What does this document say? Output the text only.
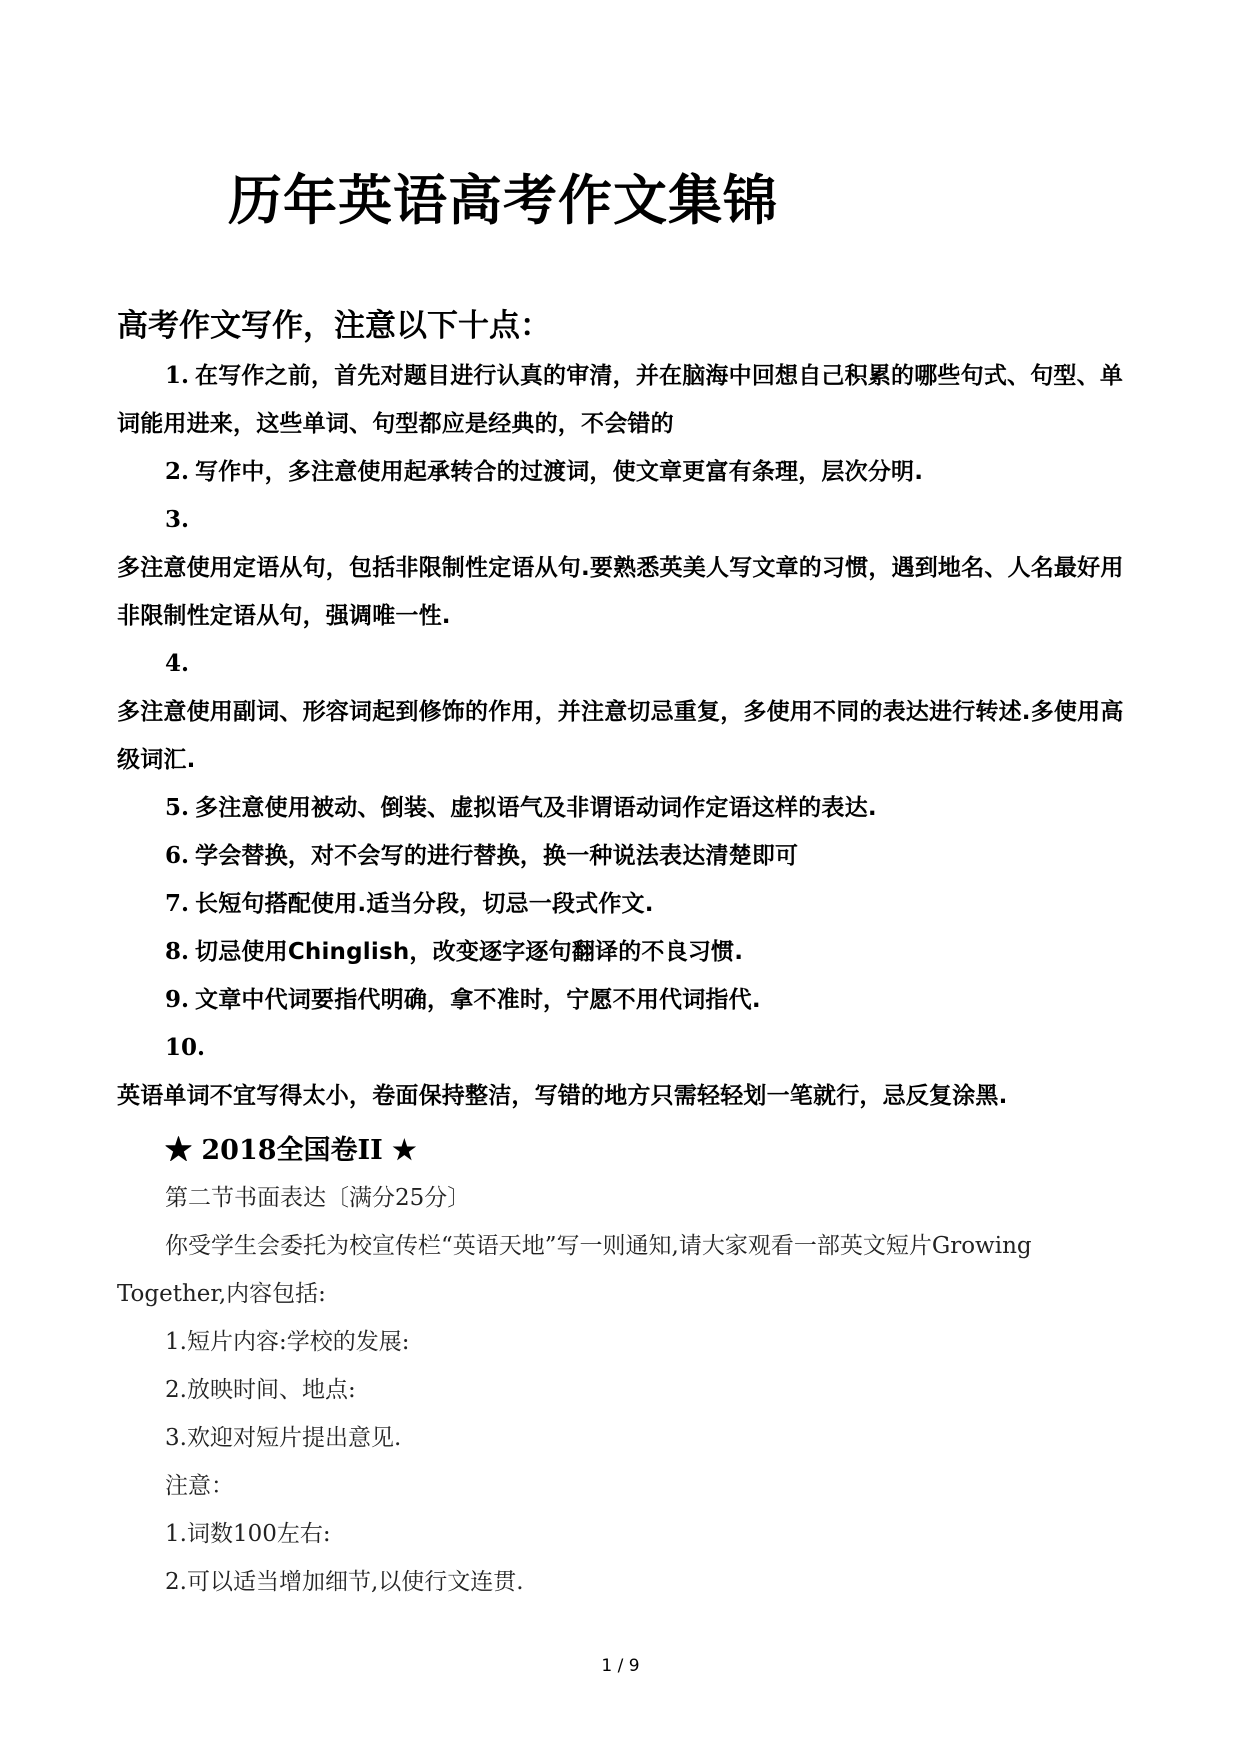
历年英语高考作文集锦
高考作文写作，注意以下十点：

1. 在写作之前，首先对题目进行认真的审清，并在脑海中回想自己积累的哪些句式、句型、单词能用进来，这些单词、句型都应是经典的，不会错的

2. 写作中，多注意使用起承转合的过渡词，使文章更富有条理，层次分明.

3.
多注意使用定语从句，包括非限制性定语从句.要熟悉英美人写文章的习惯，遇到地名、人名最好用非限制性定语从句，强调唯一性.

4.
多注意使用副词、形容词起到修饰的作用，并注意切忌重复，多使用不同的表达进行转述.多使用高级词汇.

5. 多注意使用被动、倒装、虚拟语气及非谓语动词作定语这样的表达.

6. 学会替换，对不会写的进行替换，换一种说法表达清楚即可

7. 长短句搭配使用.适当分段，切忌一段式作文.

8. 切忌使用Chinglish，改变逐字逐句翻译的不良习惯.

9. 文章中代词要指代明确，拿不准时，宁愿不用代词指代.

10.
英语单词不宜写得太小，卷面保持整洁，写错的地方只需轻轻划一笔就行，忌反复涂黑.

★ 2018全国卷II ★

第二节书面表达〔满分25分〕

你受学生会委托为校宣传栏“英语天地”写一则通知,请大家观看一部英文短片Growing

Together,内容包括:

1.短片内容:学校的发展:

2.放映时间、地点:

3.欢迎对短片提出意见.

注意：

1.词数100左右:

2.可以适当增加细节,以使行文连贯.

1 / 9
